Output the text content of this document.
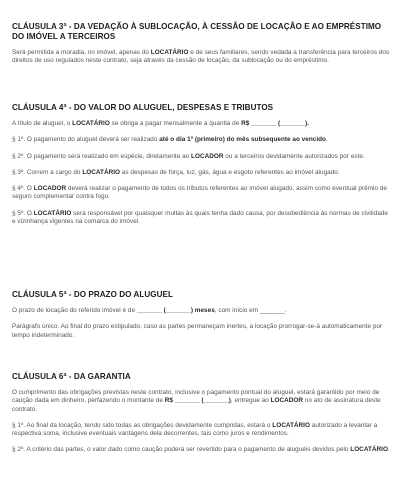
CLÁUSULA 3ª - DA VEDAÇÃO À SUBLOCAÇÃO, À CESSÃO DE LOCAÇÃO E AO EMPRÉSTIMO DO IMÓVEL A TERCEIROS

Será permitida a moradia, no imóvel, apenas do LOCATÁRIO e de seus familiares, sendo vedada a transferência para terceiros dos direitos de uso regulados neste contrato, seja através da cessão de locação, da sublocação ou do empréstimo.

CLÁUSULA 4ª - DO VALOR DO ALUGUEL, DESPESAS E TRIBUTOS

A título de aluguel, o LOCATÁRIO se obriga a pagar mensalmente a quantia de R$ _______ (_______).

§ 1º. O pagamento do aluguel deverá ser realizado até o dia 1º (primeiro) do mês subsequente ao vencido.

§ 2º. O pagamento será realizado em espécie, diretamente ao LOCADOR ou a terceiros devidamente autorizados por este.

§ 3º. Correm a cargo do LOCATÁRIO as despesas de força, luz, gás, água e esgoto referentes ao imóvel alugado.

§ 4º. O LOCADOR deverá realizar o pagamento de todos os tributos referentes ao imóvel alugado, assim como eventual prêmio de seguro complementar contra fogo.

§ 5º. O LOCATÁRIO será responsável por quaisquer multas às quais tenha dado causa, por desobediência às normas de civilidade e vizinhança vigentes na comarca do imóvel.

CLÁUSULA 5ª - DO PRAZO DO ALUGUEL

O prazo de locação do referido imóvel é de _______ (_______) meses, com início em _______.

Parágrafo único. Ao final do prazo estipulado, caso as partes permaneçam inertes, a locação prorrogar-se-á automaticamente por tempo indeterminado.

CLÁUSULA 6ª - DA GARANTIA

O cumprimento das obrigações previstas neste contrato, inclusive o pagamento pontual do aluguel, estará garantido por meio de caução dada em dinheiro, perfazendo o montante de R$ _______ (_______), entregue ao LOCADOR no ato de assinatura deste contrato.

§ 1º. Ao final da locação, tendo sido todas as obrigações devidamente cumpridas, estará o LOCATÁRIO autorizado a levantar a respectiva soma, inclusive eventuais vantagens dela decorrentes, tais como juros e rendimentos.

§ 2º. A critério das partes, o valor dado como caução poderá ser revertido para o pagamento de aluguéis devidos pelo LOCATÁRIO.
